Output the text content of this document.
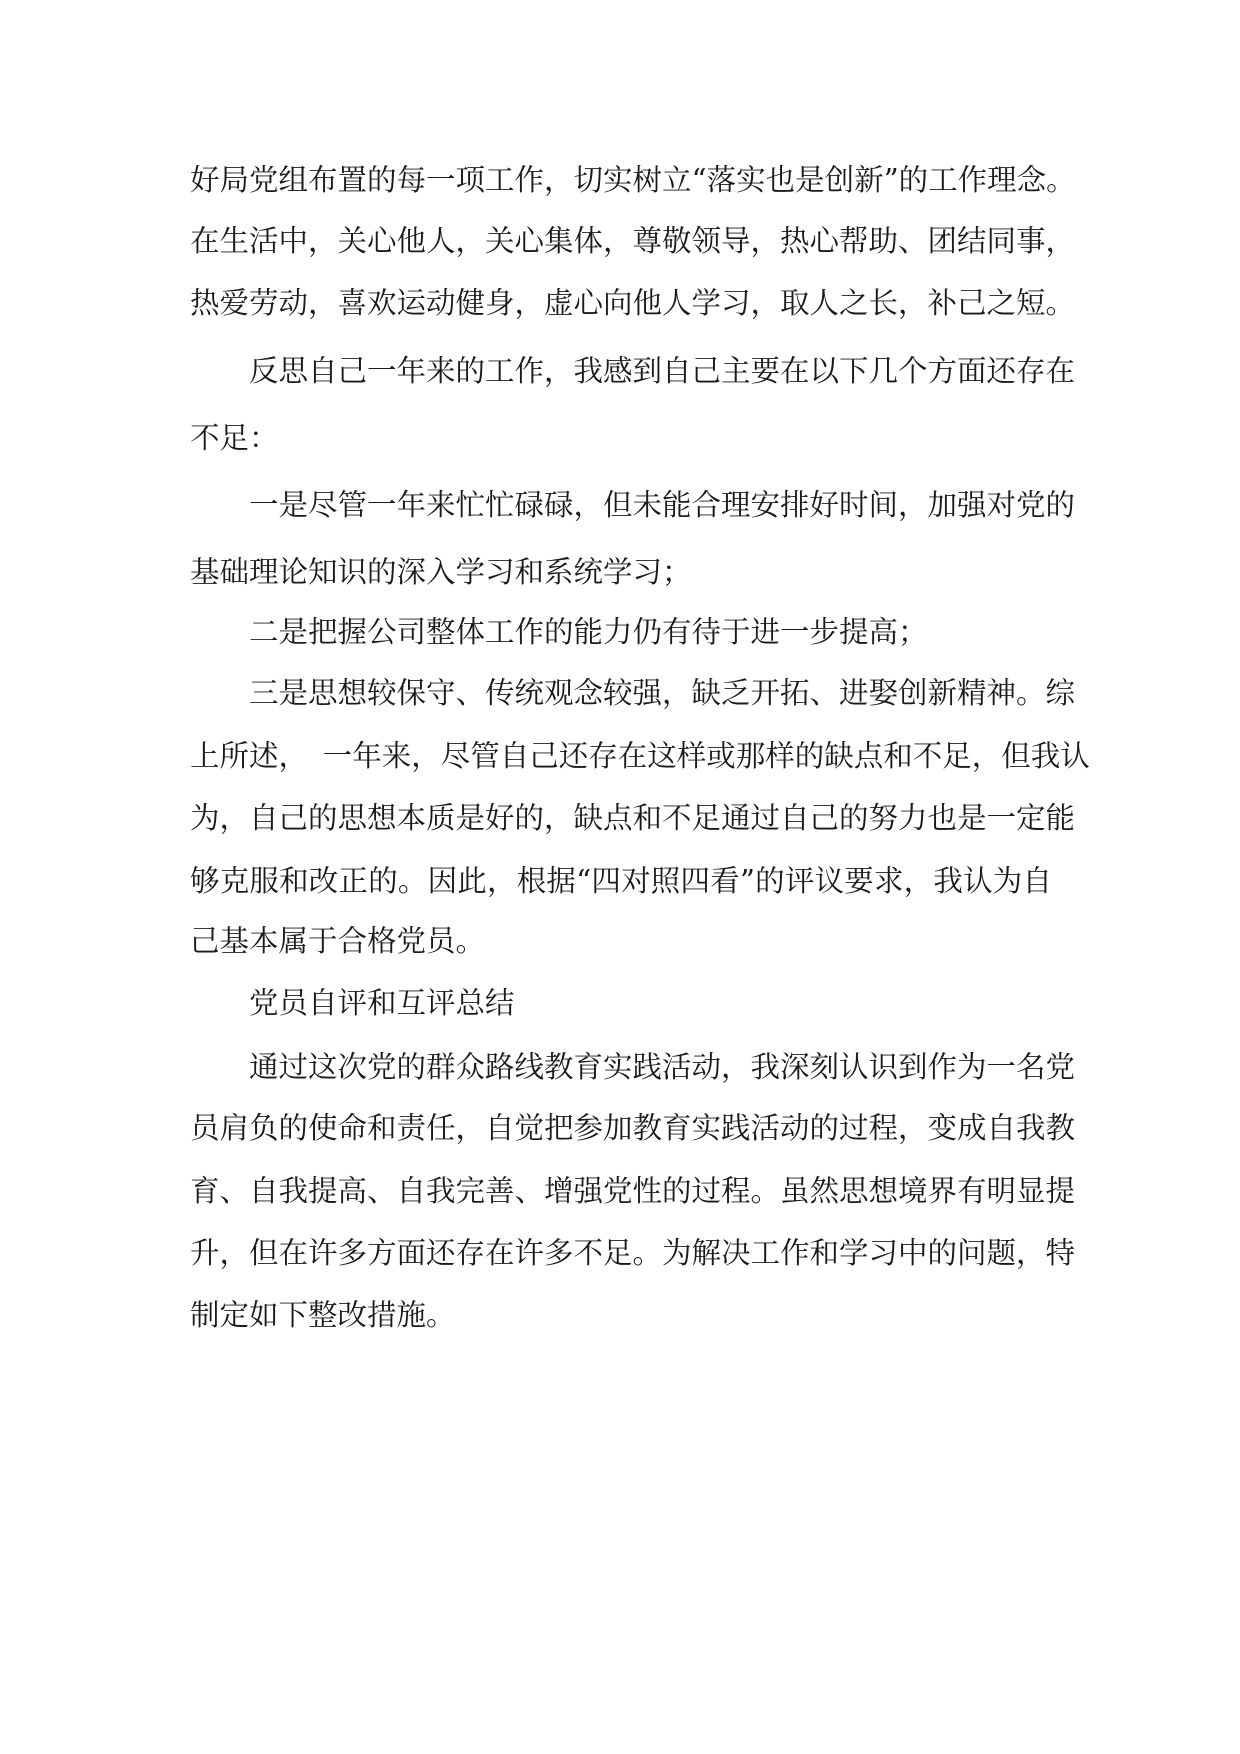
好局党组布置的每一项工作，切实树立“落实也是创新”的工作理念。
在生活中，关心他人，关心集体，尊敬领导，热心帮助、团结同事，
热爱劳动，喜欢运动健身，虚心向他人学习，取人之长，补己之短。
反思自己一年来的工作，我感到自己主要在以下几个方面还存在
不足：
一是尽管一年来忙忙碌碌，但未能合理安排好时间，加强对党的
基础理论知识的深入学习和系统学习；
二是把握公司整体工作的能力仍有待于进一步提高；
三是思想较保守、传统观念较强，缺乏开拓、进娶创新精神。综
上所述，　一年来，尽管自己还存在这样或那样的缺点和不足，但我认
为，自己的思想本质是好的，缺点和不足通过自己的努力也是一定能
够克服和改正的。因此，根据“四对照四看”的评议要求，我认为自
己基本属于合格党员。
党员自评和互评总结
通过这次党的群众路线教育实践活动，我深刻认识到作为一名党
员肩负的使命和责任，自觉把参加教育实践活动的过程，变成自我教
育、自我提高、自我完善、增强党性的过程。虽然思想境界有明显提
升，但在许多方面还存在许多不足。为解决工作和学习中的问题，特
制定如下整改措施。
